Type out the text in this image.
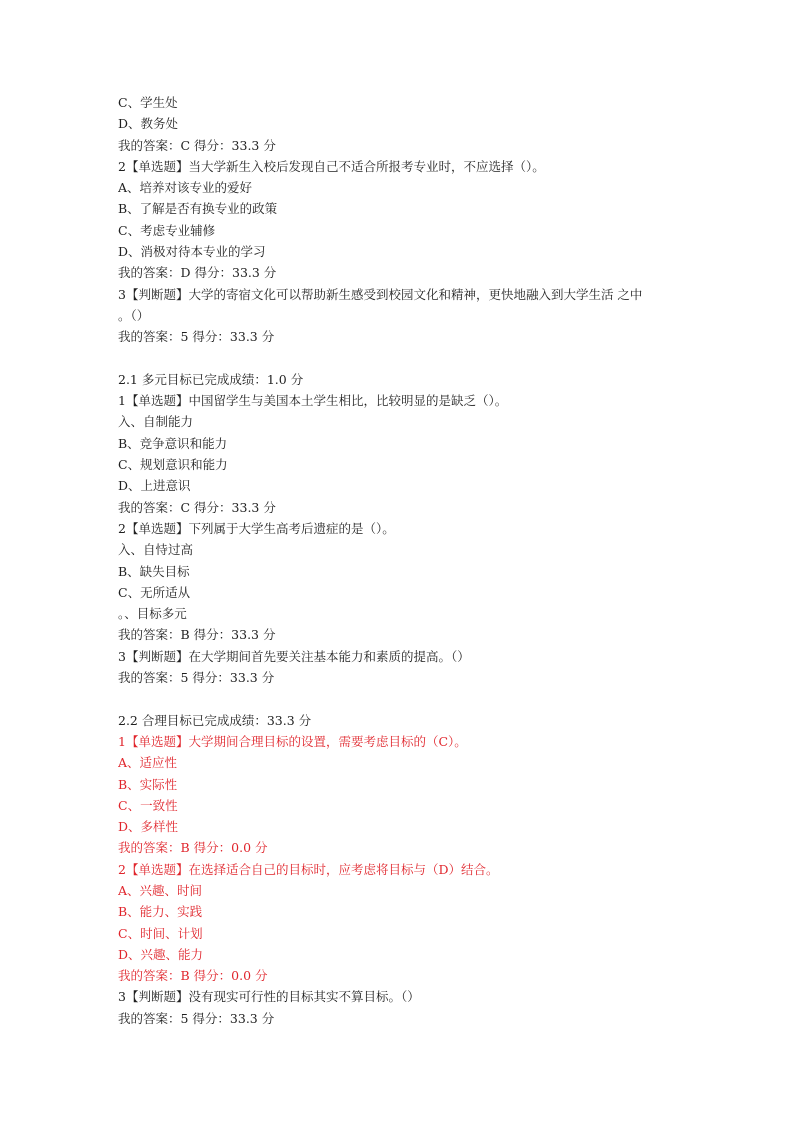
C、学生处
D、教务处
我的答案：C 得分：33.3 分
2【单选题】当大学新生入校后发现自己不适合所报考专业时，不应选择（）。
A、培养对该专业的爱好
B、了解是否有换专业的政策
C、考虑专业辅修
D、消极对待本专业的学习
我的答案：D 得分：33.3 分
3【判断题】大学的寄宿文化可以帮助新生感受到校园文化和精神，更快地融入到大学生活 之中
。（）
我的答案：5 得分：33.3 分
2.1 多元目标已完成成绩：1.0 分
1【单选题】中国留学生与美国本土学生相比，比较明显的是缺乏（）。
入、自制能力
B、竞争意识和能力
C、规划意识和能力
D、上进意识
我的答案：C 得分：33.3 分
2【单选题】下列属于大学生高考后遗症的是（）。
入、自恃过高
B、缺失目标
C、无所适从
。、目标多元
我的答案：B 得分：33.3 分
3【判断题】在大学期间首先要关注基本能力和素质的提高。（）
我的答案：5 得分：33.3 分
2.2 合理目标已完成成绩：33.3 分
1【单选题】大学期间合理目标的设置，需要考虑目标的（C）。
A、适应性
B、实际性
C、一致性
D、多样性
我的答案：B 得分：0.0 分
2【单选题】在选择适合自己的目标时，应考虑将目标与（D）结合。
A、兴趣、时间
B、能力、实践
C、时间、计划
D、兴趣、能力
我的答案：B 得分：0.0 分
3【判断题】没有现实可行性的目标其实不算目标。（）
我的答案：5 得分：33.3 分
